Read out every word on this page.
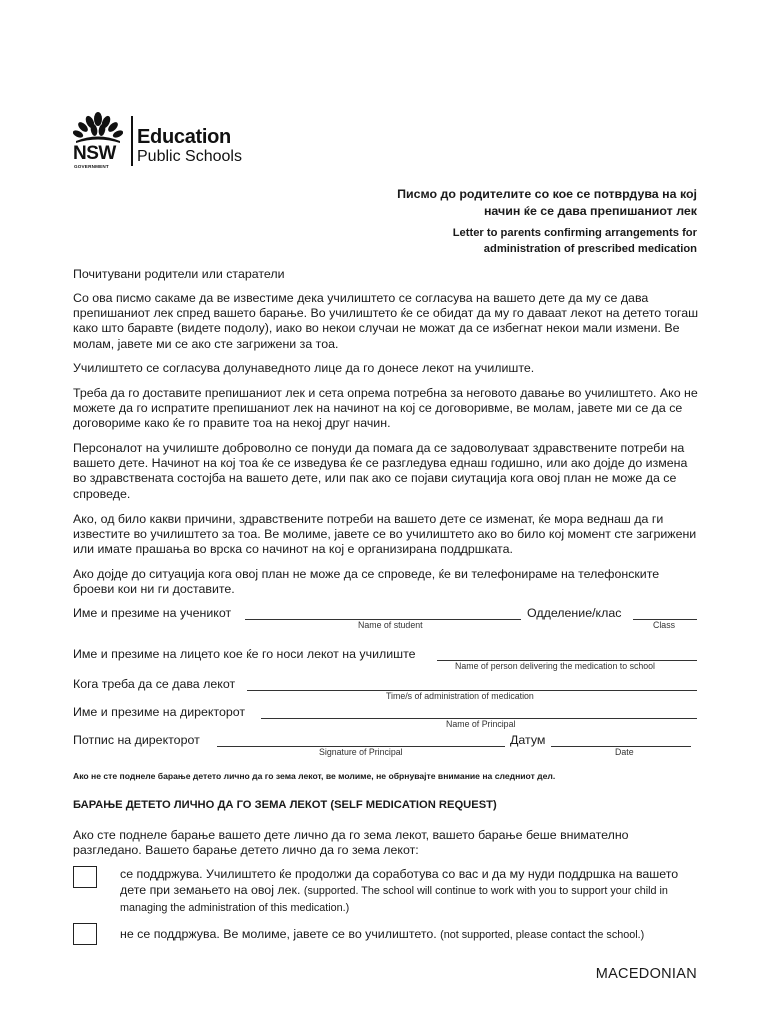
NSW
GOVERNMENT
Education
Public Schools
Писмо до родителите со кое се потврдува на кој
начин ќе се дава препишаниот лек
Letter to parents confirming arrangements for
administration of prescribed medication

Почитувани родители или старатели

Со ова писмо сакаме да ве известиме дека училиштето се согласува на вашето дете да му се дава препишаниот лек спред вашето барање. Во училиштето ќе се обидат да му го даваат лекот на детето тогаш како што баравте (видете подолу), иако во некои случаи не можат да се избегнат некои мали измени. Ве молам, јавете ми се ако сте загрижени за тоа.

Училиштето се согласува долунаведното лице да го донесе лекот на училиште.

Треба да го доставите препишаниот лек и сета опрема потребна за неговото давање во училиштето. Ако не можете да го испратите препишаниот лек на начинот на кој се договоривме, ве молам, јавете ми се да се договориме како ќе го правите тоа на некој друг начин.

Персоналот на училиште доброволно се понуди да помага да се задоволуваат здравствените потреби на вашето дете. Начинот на кој тоа ќе се изведува ќе се разгледува еднаш годишно, или ако дојде до измена во здравствената состојба на вашето дете, или пак ако се појави сиутација кога овој план не може да се спроведе.

Ако, од било какви причини, здравствените потреби на вашето дете се изменат, ќе мора веднаш да ги известите во училиштето за тоа. Ве молиме, јавете се во училиштето ако во било кој момент сте загрижени или имате прашања во врска со начинот на кој е организирана поддршката.

Ако дојде до ситуација кога овој план не може да се спроведе, ќе ви телефонираме на телефонските броеви кои ни ги доставите.

Име и презиме на ученикот
Name of student
Одделение/клас
Class
Име и презиме на лицето кое ќе го носи лекот на училиште
Name of person delivering the medication to school
Кога треба да се дава лекот
Time/s of administration of medication
Име и презиме на директорот
Name of Principal
Потпис на директорот
Signature of Principal
Датум
Date
Ако не сте поднеле барање детето лично да го зема лекот, ве молиме, не обрнувајте внимание на следниот дел.
БАРАЊЕ ДЕТЕТО ЛИЧНО ДА ГО ЗЕМА ЛЕКОТ (SELF MEDICATION REQUEST)

Ако сте поднеле барање вашето дете лично да го зема лекот, вашето барање беше внимателно разгледано. Вашето барање детето лично да го зема лекот:

се поддржува. Училиштето ќе продолжи да соработува со вас и да му нуди поддршка на вашето дете при земањето на овој лек. (supported. The school will continue to work with you to support your child in managing the administration of this medication.)
не се поддржува. Ве молиме, јавете се во училиштето. (not supported, please contact the school.)
MACEDONIAN
